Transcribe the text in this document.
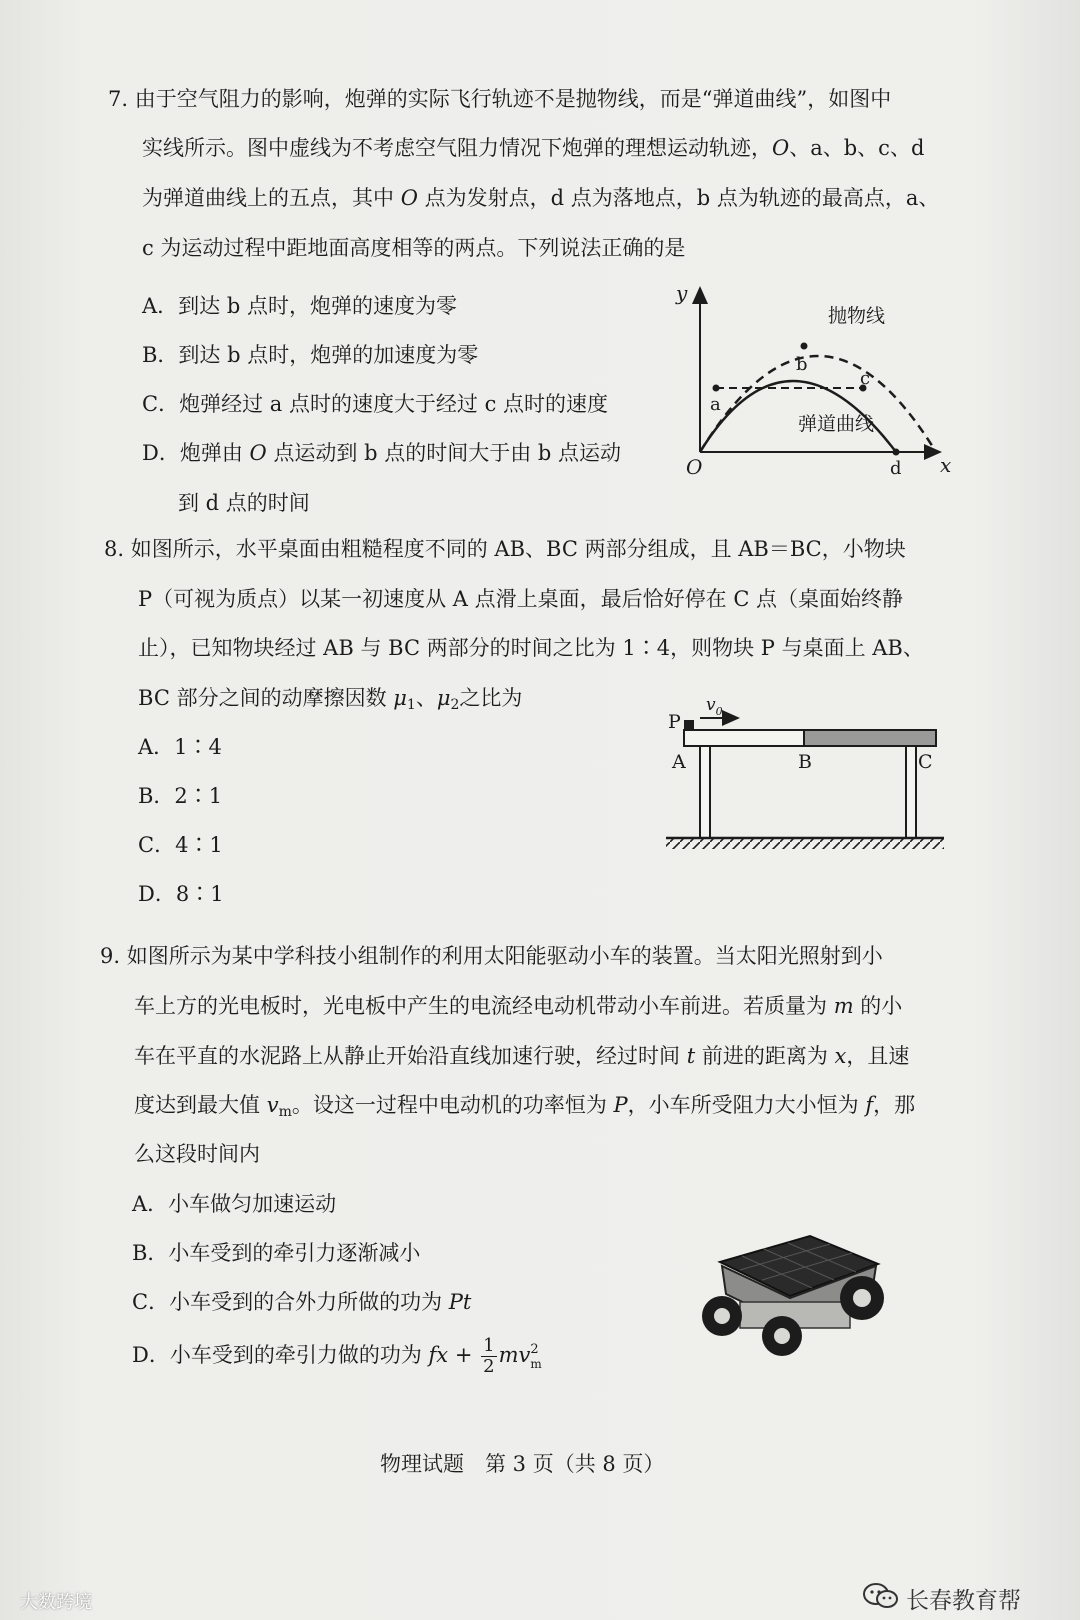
7. 由于空气阻力的影响，炮弹的实际飞行轨迹不是抛物线，而是“弹道曲线”，如图中
实线所示。图中虚线为不考虑空气阻力情况下炮弹的理想运动轨迹，O、a、b、c、d
为弹道曲线上的五点，其中 O 点为发射点，d 点为落地点，b 点为轨迹的最高点，a、
c 为运动过程中距地面高度相等的两点。下列说法正确的是
A．到达 b 点时，炮弹的速度为零
B．到达 b 点时，炮弹的加速度为零
C．炮弹经过 a 点时的速度大于经过 c 点时的速度
D．炮弹由 O 点运动到 b 点的时间大于由 b 点运动
到 d 点的时间
y
x
O
抛物线
弹道曲线
a
b
c
d
8. 如图所示，水平桌面由粗糙程度不同的 AB、BC 两部分组成，且 AB＝BC，小物块
P（可视为质点）以某一初速度从 A 点滑上桌面，最后恰好停在 C 点（桌面始终静
止），已知物块经过 AB 与 BC 两部分的时间之比为 1∶4，则物块 P 与桌面上 AB、
BC 部分之间的动摩擦因数 $\mu_1$、$\mu_2$之比为
A．1∶4
B．2∶1
C．4∶1
D．8∶1
P
$v_0$
A	B	C
9. 如图所示为某中学科技小组制作的利用太阳能驱动小车的装置。当太阳光照射到小
车上方的光电板时，光电板中产生的电流经电动机带动小车前进。若质量为 m 的小
车在平直的水泥路上从静止开始沿直线加速行驶，经过时间 t 前进的距离为 x，且速
度达到最大值 $v_m$。设这一过程中电动机的功率恒为 P，小车所受阻力大小恒为 f，那
么这段时间内
A．小车做匀加速运动
B．小车受到的牵引力逐渐减小
C．小车受到的合外力所做的功为 Pt
D．小车受到的牵引力做的功为 fx + $\frac{1}{2}$ mv 2
m
物理试题　第 3 页（共 8 页）
长春教育帮
大数跨境
